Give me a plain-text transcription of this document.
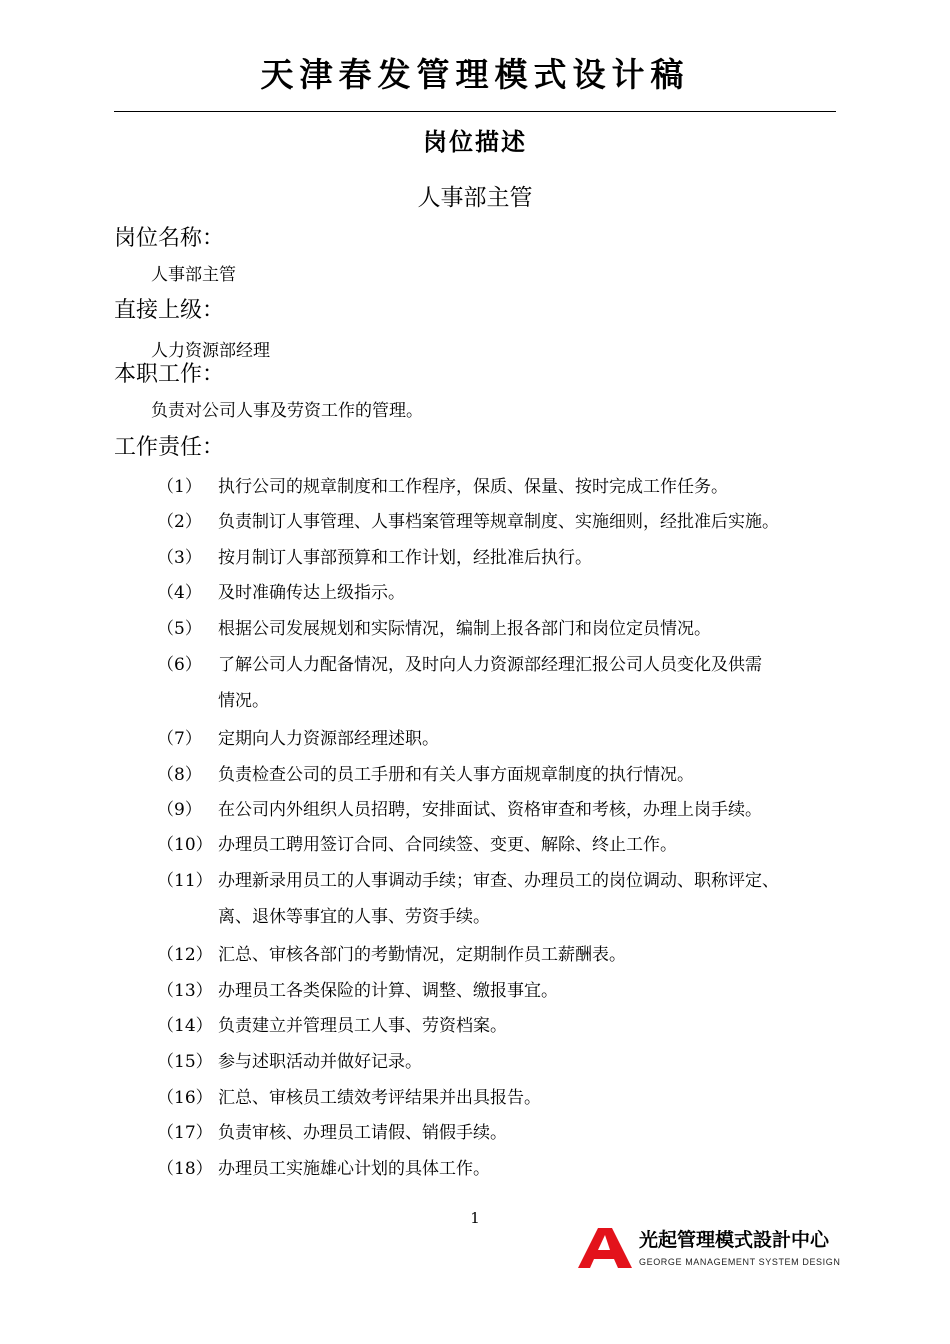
天津春发管理模式设计稿
岗位描述
人事部主管
岗位名称：
人事部主管
直接上级：
人力资源部经理
本职工作：
负责对公司人事及劳资工作的管理。
工作责任：
（1） 执行公司的规章制度和工作程序，保质、保量、按时完成工作任务。
（2） 负责制订人事管理、人事档案管理等规章制度、实施细则，经批准后实施。
（3） 按月制订人事部预算和工作计划，经批准后执行。
（4） 及时准确传达上级指示。
（5） 根据公司发展规划和实际情况，编制上报各部门和岗位定员情况。
（6） 了解公司人力配备情况，及时向人力资源部经理汇报公司人员变化及供需
情况。
（7） 定期向人力资源部经理述职。
（8） 负责检查公司的员工手册和有关人事方面规章制度的执行情况。
（9） 在公司内外组织人员招聘，安排面试、资格审查和考核，办理上岗手续。
（10） 办理员工聘用签订合同、合同续签、变更、解除、终止工作。
（11） 办理新录用员工的人事调动手续；审查、办理员工的岗位调动、职称评定、
离、退休等事宜的人事、劳资手续。
（12） 汇总、审核各部门的考勤情况，定期制作员工薪酬表。
（13） 办理员工各类保险的计算、调整、缴报事宜。
（14） 负责建立并管理员工人事、劳资档案。
（15） 参与述职活动并做好记录。
（16） 汇总、审核员工绩效考评结果并出具报告。
（17） 负责审核、办理员工请假、销假手续。
（18） 办理员工实施雄心计划的具体工作。
1
光起管理模式設計中心
GEORGE MANAGEMENT SYSTEM DESIGN
